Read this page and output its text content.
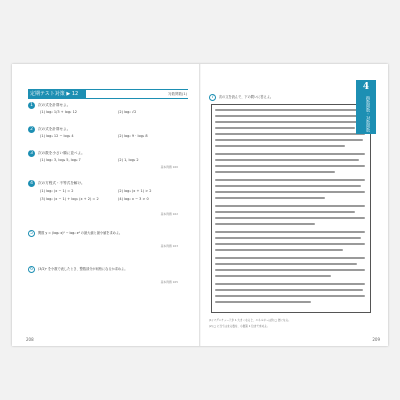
定期テスト対策 ▶ 12	対数関数(1)
1	次の式を計算せよ。
(1) log₂ 1/3 + log₂ 12	(2) log₂ √2
2	次の式を計算せよ。
(1) log₃ 12 − log₃ 4	(2) log₂ 9 · log₃ 8
3	次の数を小さい順に並べよ。
(1) log₂ 3, log₄ 5, log₈ 7	(2) 1, log₃ 2
基本例題 160
4	次の方程式・不等式を解け。
(1) log₂ (x − 1) = 2	(2) log₃ (x + 1) > 2
(3) log₂ (x − 1) + log₂ (x + 2) = 2	(4) log₂ x − 3 > 0
基本例題 162
5	関数 y = (log₂ x)² − log₂ x⁴ の最大値と最小値を求めよ。
基本例題 163
6	(3/2)ⁿ を小数で表したとき、整数部分が何桁になるか求めよ。
基本例題 165
208
7	次の文を読んで、下の問いに答えよ。
(1) マグニチュードが 1 大きくなると、エネルギーは約 □ 倍になる。
(2) □ に当てはまる数を、小数第 1 位まで求めよ。
209
4
指数関数・対数関数
